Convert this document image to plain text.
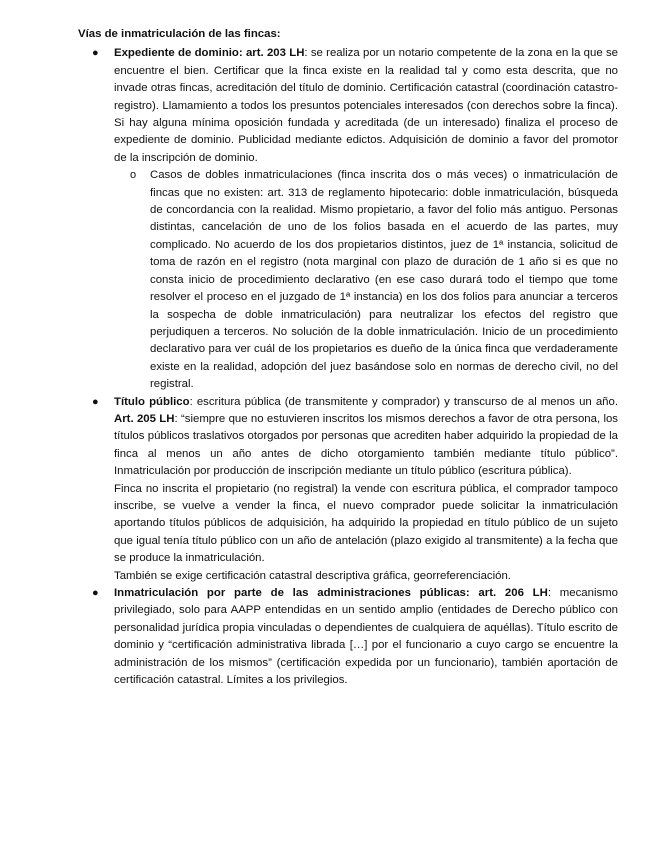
Vías de inmatriculación de las fincas:

● Expediente de dominio: art. 203 LH: se realiza por un notario competente de la zona en la que se encuentre el bien. Certificar que la finca existe en la realidad tal y como esta descrita, que no invade otras fincas, acreditación del título de dominio. Certificación catastral (coordinación catastro-registro). Llamamiento a todos los presuntos potenciales interesados (con derechos sobre la finca). Si hay alguna mínima oposición fundada y acreditada (de un interesado) finaliza el proceso de expediente de dominio. Publicidad mediante edictos. Adquisición de dominio a favor del promotor de la inscripción de dominio.

o Casos de dobles inmatriculaciones (finca inscrita dos o más veces) o inmatriculación de fincas que no existen: art. 313 de reglamento hipotecario: doble inmatriculación, búsqueda de concordancia con la realidad. Mismo propietario, a favor del folio más antiguo. Personas distintas, cancelación de uno de los folios basada en el acuerdo de las partes, muy complicado. No acuerdo de los dos propietarios distintos, juez de 1ª instancia, solicitud de toma de razón en el registro (nota marginal con plazo de duración de 1 año si es que no consta inicio de procedimiento declarativo (en ese caso durará todo el tiempo que tome resolver el proceso en el juzgado de 1ª instancia) en los dos folios para anunciar a terceros la sospecha de doble inmatriculación) para neutralizar los efectos del registro que perjudiquen a terceros. No solución de la doble inmatriculación. Inicio de un procedimiento declarativo para ver cuál de los propietarios es dueño de la única finca que verdaderamente existe en la realidad, adopción del juez basándose solo en normas de derecho civil, no del registral.

● Título público: escritura pública (de transmitente y comprador) y transcurso de al menos un año. Art. 205 LH: “siempre que no estuvieren inscritos los mismos derechos a favor de otra persona, los títulos públicos traslativos otorgados por personas que acrediten haber adquirido la propiedad de la finca al menos un año antes de dicho otorgamiento también mediante título público”. Inmatriculación por producción de inscripción mediante un título público (escritura pública).

Finca no inscrita el propietario (no registral) la vende con escritura pública, el comprador tampoco inscribe, se vuelve a vender la finca, el nuevo comprador puede solicitar la inmatriculación aportando títulos públicos de adquisición, ha adquirido la propiedad en título público de un sujeto que igual tenía título público con un año de antelación (plazo exigido al transmitente) a la fecha que se produce la inmatriculación.

También se exige certificación catastral descriptiva gráfica, georreferenciación.

● Inmatriculación por parte de las administraciones públicas: art. 206 LH: mecanismo privilegiado, solo para AAPP entendidas en un sentido amplio (entidades de Derecho público con personalidad jurídica propia vinculadas o dependientes de cualquiera de aquéllas). Título escrito de dominio y “certificación administrativa librada […] por el funcionario a cuyo cargo se encuentre la administración de los mismos” (certificación expedida por un funcionario), también aportación de certificación catastral. Límites a los privilegios.
